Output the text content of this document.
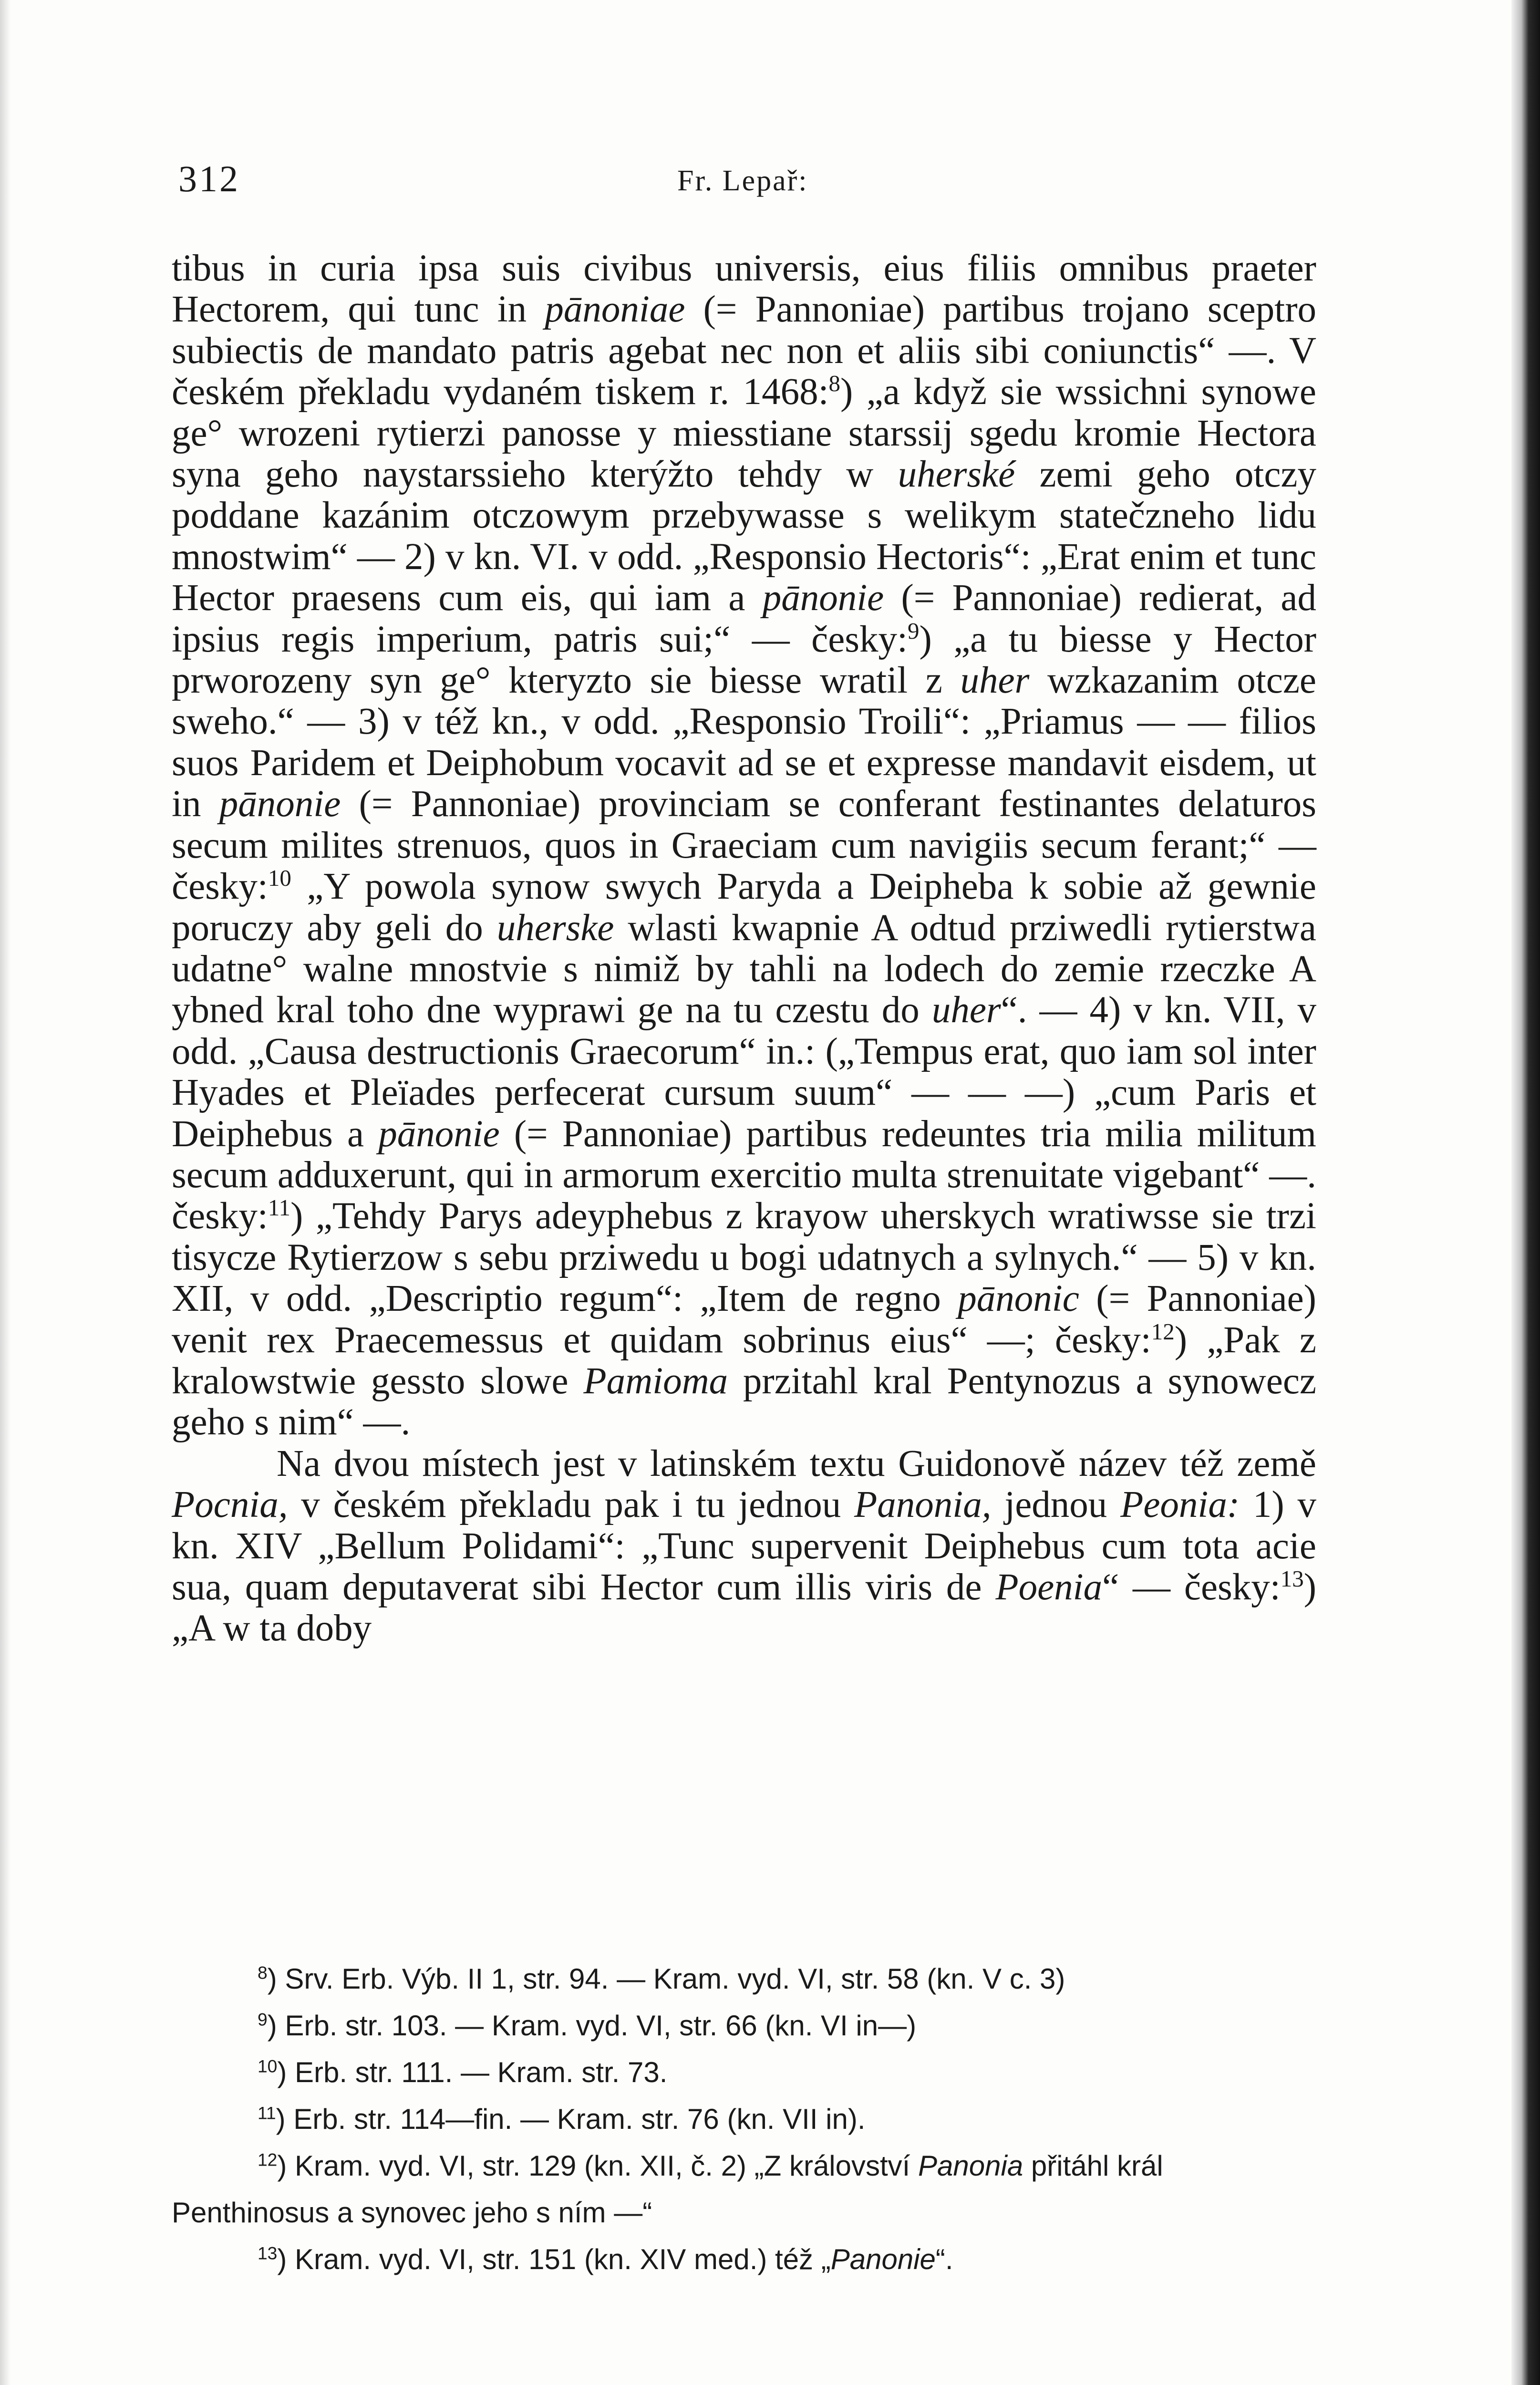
312	Fr. Lepař:

tibus in curia ipsa suis civibus universis, eius filiis omnibus praeter Hectorem, qui tunc in pānoniae (= Pannoniae) partibus trojano sceptro subiectis de mandato patris agebat nec non et aliis sibi coniunctis“ —. V českém překladu vydaném tiskem r. 1468:$^8$) „a když sie wssichni synowe ge° wrozeni rytierzi panosse y miesstiane starssij sgedu kromie Hectora syna geho naystarssieho kterýžto tehdy w uherské zemi geho otczy poddane kazánim otczowym przebywasse s welikym statečzneho lidu mnostwim“ — 2) v kn. VI. v odd. „Responsio Hectoris“: „Erat enim et tunc Hector praesens cum eis, qui iam a pānonie (= Pannoniae) redierat, ad ipsius regis imperium, patris sui;“ — česky:$^9$) „a tu biesse y Hector prworozeny syn ge° kteryzto sie biesse wratil z uher wzkazanim otcze sweho.“ — 3) v též kn., v odd. „Responsio Troili“: „Priamus — — filios suos Paridem et Deiphobum vocavit ad se et expresse mandavit eisdem, ut in pānonie (= Pannoniae) provinciam se conferant festinantes delaturos secum milites strenuos, quos in Graeciam cum navigiis secum ferant;“ — česky:$^{10}$ „Y powola synow swych Paryda a Deipheba k sobie až gewnie poruczy aby geli do uherske wlasti kwapnie A odtud prziwedli rytierstwa udatne° walne mnostvie s nimiž by tahli na lodech do zemie rzeczke A ybned kral toho dne wyprawi ge na tu czestu do uher“. — 4) v kn. VII, v odd. „Causa destructionis Graecorum“ in.: („Tempus erat, quo iam sol inter Hyades et Pleïades perfecerat cursum suum“ — — —) „cum Paris et Deiphebus a pānonie (= Pannoniae) partibus redeuntes tria milia militum secum adduxerunt, qui in armorum exercitio multa strenuitate vigebant“ —. česky:$^{11}$) „Tehdy Parys adeyphebus z krayow uherskych wratiwsse sie trzi tisycze Rytierzow s sebu prziwedu u bogi udatnych a sylnych.“ — 5) v kn. XII, v odd. „Descriptio regum“: „Item de regno pānonic (= Pannoniae) venit rex Praecemessus et quidam sobrinus eius“ —; česky:$^{12}$) „Pak z kralowstwie gessto slowe Pamioma przitahl kral Pentynozus a synowecz geho s nim“ —.

Na dvou místech jest v latinském textu Guidonově název též země Pocnia, v českém překladu pak i tu jednou Panonia, jednou Peonia: 1) v kn. XIV „Bellum Polidami“: „Tunc supervenit Deiphebus cum tota acie sua, quam deputaverat sibi Hector cum illis viris de Poenia“ — česky:$^{13}$) „A w ta doby

$^8$) Srv. Erb. Výb. II 1, str. 94. — Kram. vyd. VI, str. 58 (kn. V c. 3)

$^9$) Erb. str. 103. — Kram. vyd. VI, str. 66 (kn. VI in—)

$^{10}$) Erb. str. 111. — Kram. str. 73.

$^{11}$) Erb. str. 114—fin. — Kram. str. 76 (kn. VII in).

$^{12}$) Kram. vyd. VI, str. 129 (kn. XII, č. 2) „Z království Panonia přitáhl král Penthinosus a synovec jeho s ním —“

$^{13}$) Kram. vyd. VI, str. 151 (kn. XIV med.) též „Panonie“.
